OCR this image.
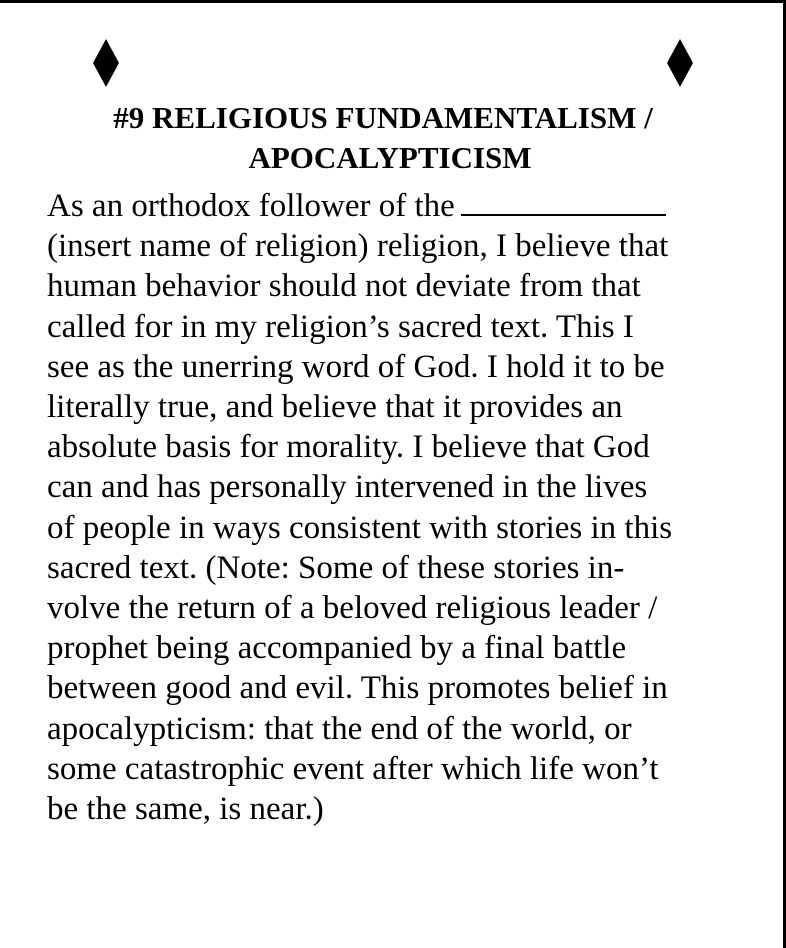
#9 RELIGIOUS FUNDAMENTALISM /
APOCALYPTICISM

As an orthodox follower of the
(insert name of religion) religion, I believe that
human behavior should not deviate from that
called for in my religion’s sacred text. This I
see as the unerring word of God. I hold it to be
literally true, and believe that it provides an
absolute basis for morality. I believe that God
can and has personally intervened in the lives
of people in ways consistent with stories in this
sacred text. (Note: Some of these stories in-
volve the return of a beloved religious leader /
prophet being accompanied by a final battle
between good and evil. This promotes belief in
apocalypticism: that the end of the world, or
some catastrophic event after which life won’t
be the same, is near.)
